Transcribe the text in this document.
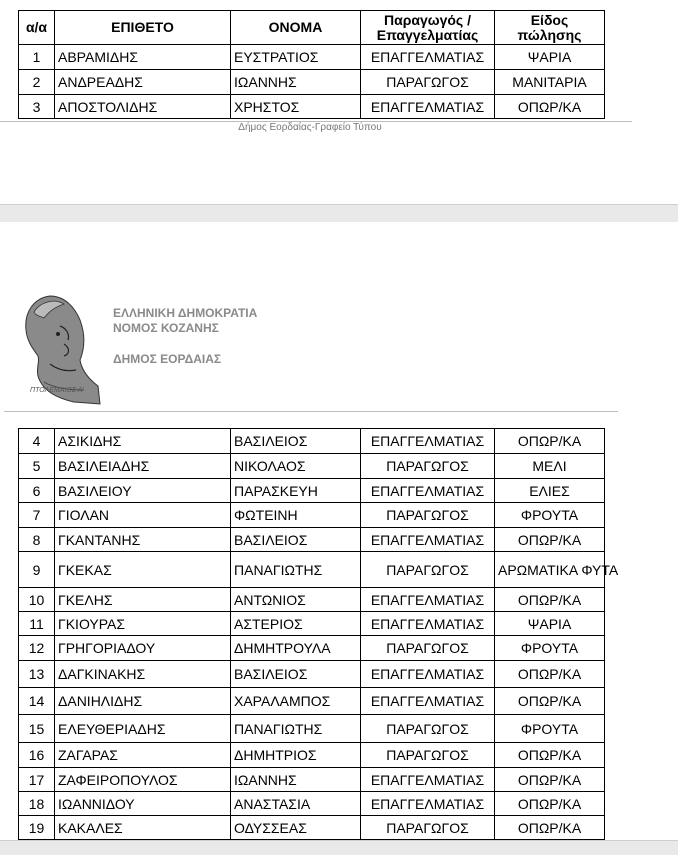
α/α	ΕΠΙΘΕΤΟ	ΟΝΟΜΑ	Παραγωγός /Επαγγελματίας	Είδος πώλησης
1	ΑΒΡΑΜΙΔΗΣ	ΕΥΣΤΡΑΤΙΟΣ	ΕΠΑΓΓΕΛΜΑΤΙΑΣ	ΨΑΡΙΑ
2	ΑΝΔΡΕΑΔΗΣ	ΙΩΑΝΝΗΣ	ΠΑΡΑΓΩΓΟΣ	ΜΑΝΙΤΑΡΙΑ
3	ΑΠΟΣΤΟΛΙΔΗΣ	ΧΡΗΣΤΟΣ	ΕΠΑΓΓΕΛΜΑΤΙΑΣ	ΟΠΩΡ/ΚΑ
Δήμος Εορδαίας-Γραφείο Τύπου
ΠΤΟΛΕΜΑΙΟΣ Α'
ΕΛΛΗΝΙΚΗ ΔΗΜΟΚΡΑΤΙΑ
ΝΟΜΟΣ ΚΟΖΑΝΗΣ
ΔΗΜΟΣ ΕΟΡΔΑΙΑΣ
4	ΑΣΙΚΙΔΗΣ	ΒΑΣΙΛΕΙΟΣ	ΕΠΑΓΓΕΛΜΑΤΙΑΣ	ΟΠΩΡ/ΚΑ
5	ΒΑΣΙΛΕΙΑΔΗΣ	ΝΙΚΟΛΑΟΣ	ΠΑΡΑΓΩΓΟΣ	ΜΕΛΙ
6	ΒΑΣΙΛΕΙΟΥ	ΠΑΡΑΣΚΕΥΗ	ΕΠΑΓΓΕΛΜΑΤΙΑΣ	ΕΛΙΕΣ
7	ΓΙΟΛΑΝ	ΦΩΤΕΙΝΗ	ΠΑΡΑΓΩΓΟΣ	ΦΡΟΥΤΑ
8	ΓΚΑΝΤΑΝΗΣ	ΒΑΣΙΛΕΙΟΣ	ΕΠΑΓΓΕΛΜΑΤΙΑΣ	ΟΠΩΡ/ΚΑ
9	ΓΚΕΚΑΣ	ΠΑΝΑΓΙΩΤΗΣ	ΠΑΡΑΓΩΓΟΣ	ΑΡΩΜΑΤΙΚΑ ΦΥΤΑ
10	ΓΚΕΛΗΣ	ΑΝΤΩΝΙΟΣ	ΕΠΑΓΓΕΛΜΑΤΙΑΣ	ΟΠΩΡ/ΚΑ
11	ΓΚΙΟΥΡΑΣ	ΑΣΤΕΡΙΟΣ	ΕΠΑΓΓΕΛΜΑΤΙΑΣ	ΨΑΡΙΑ
12	ΓΡΗΓΟΡΙΑΔΟΥ	ΔΗΜΗΤΡΟΥΛΑ	ΠΑΡΑΓΩΓΟΣ	ΦΡΟΥΤΑ
13	ΔΑΓΚΙΝΑΚΗΣ	ΒΑΣΙΛΕΙΟΣ	ΕΠΑΓΓΕΛΜΑΤΙΑΣ	ΟΠΩΡ/ΚΑ
14	ΔΑΝΙΗΛΙΔΗΣ	ΧΑΡΑΛΑΜΠΟΣ	ΕΠΑΓΓΕΛΜΑΤΙΑΣ	ΟΠΩΡ/ΚΑ
15	ΕΛΕΥΘΕΡΙΑΔΗΣ	ΠΑΝΑΓΙΩΤΗΣ	ΠΑΡΑΓΩΓΟΣ	ΦΡΟΥΤΑ
16	ΖΑΓΑΡΑΣ	ΔΗΜΗΤΡΙΟΣ	ΠΑΡΑΓΩΓΟΣ	ΟΠΩΡ/ΚΑ
17	ΖΑΦΕΙΡΟΠΟΥΛΟΣ	ΙΩΑΝΝΗΣ	ΕΠΑΓΓΕΛΜΑΤΙΑΣ	ΟΠΩΡ/ΚΑ
18	ΙΩΑΝΝΙΔΟΥ	ΑΝΑΣΤΑΣΙΑ	ΕΠΑΓΓΕΛΜΑΤΙΑΣ	ΟΠΩΡ/ΚΑ
19	ΚΑΚΑΛΕΣ	ΟΔΥΣΣΕΑΣ	ΠΑΡΑΓΩΓΟΣ	ΟΠΩΡ/ΚΑ
